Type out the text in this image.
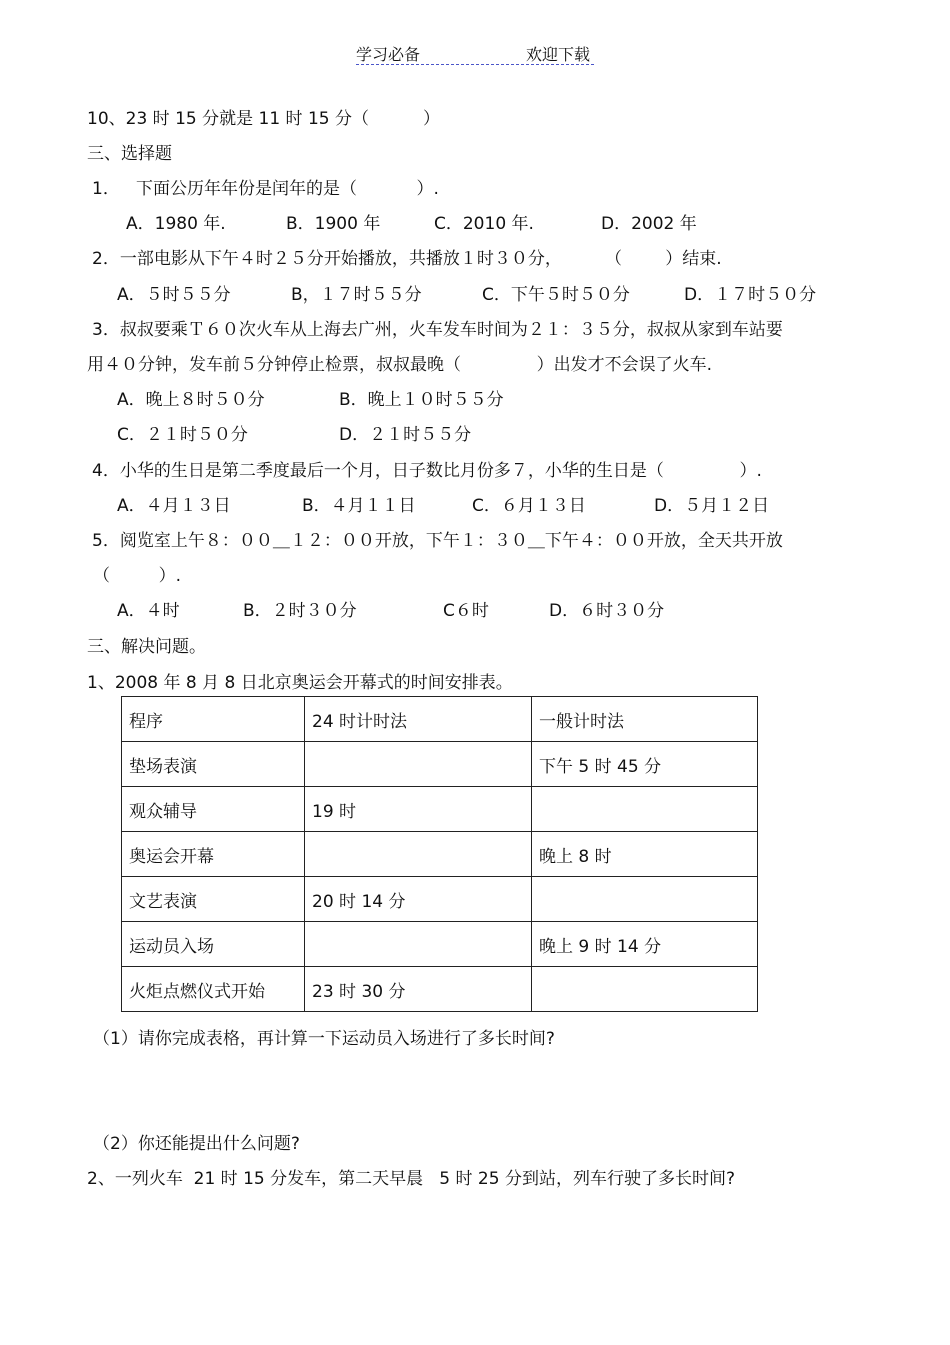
学习必备	欢迎下载
10、23 时 15 分就是 11 时 15 分（          ）
三、选择题
1．   下面公历年年份是闰年的是（           ）.
A．1980 年.	B．1900 年	C．2010 年.	D．2002 年
2．一部电影从下午４时２５分开始播放，共播放１时３０分，        （        ）结束.
A．５时５５分	B，１７时５５分	C．下午５时５０分	D．１７时５０分
3．叔叔要乘Ｔ６０次火车从上海去广州，火车发车时间为２１：３５分，叔叔从家到车站要
用４０分钟，发车前５分钟停止检票，叔叔最晚（              ）出发才不会误了火车.
A．晚上８时５０分	B．晚上１０时５５分
C．２１时５０分	D．２１时５５分
4．小华的生日是第二季度最后一个月，日子数比月份多７，小华的生日是（              ）.
A．４月１３日	B．４月１１日	C．６月１３日	D．５月１２日
5．阅览室上午８：００＿１２：００开放，下午１：３０＿下午４：００开放，全天共开放
（         ）.
A．４时	B．２时３０分	C６时	D．６时３０分
三、解决问题。
1、2008 年 8 月 8 日北京奥运会开幕式的时间安排表。
程序	24 时计时法	一般计时法
垫场表演		下午 5 时 45 分
观众辅导	19 时	
奥运会开幕		晚上 8 时
文艺表演	20 时 14 分	
运动员入场		晚上 9 时 14 分
火炬点燃仪式开始	23 时 30 分	
（1）请你完成表格，再计算一下运动员入场进行了多长时间?
（2）你还能提出什么问题?
2、一列火车  21 时 15 分发车，第二天早晨   5 时 25 分到站，列车行驶了多长时间?
